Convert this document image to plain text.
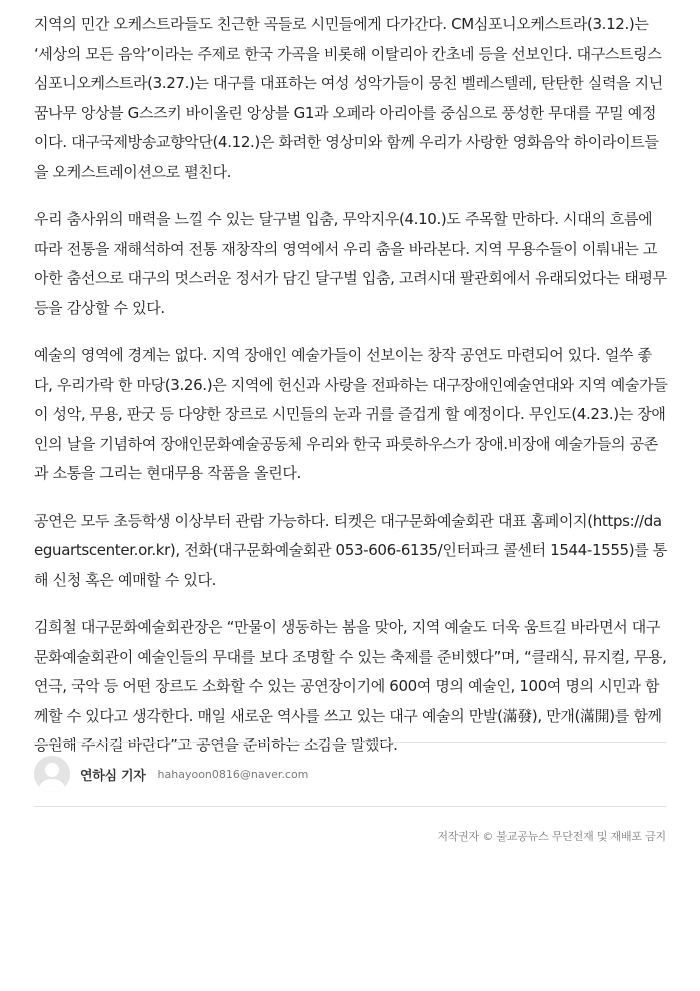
지역의 민간 오케스트라들도 친근한 곡들로 시민들에게 다가간다. CM심포니오케스트라(3.12.)는 ‘세상의 모든 음악’이라는 주제로 한국 가곡을 비롯해 이탈리아 칸초네 등을 선보인다. 대구스트링스심포니오케스트라(3.27.)는 대구를 대표하는 여성 성악가들이 뭉친 벨레스텔레, 탄탄한 실력을 지닌 꿈나무 앙상블 G스즈키 바이올린 앙상블 G1과 오페라 아리아를 중심으로 풍성한 무대를 꾸밀 예정이다. 대구국제방송교향악단(4.12.)은 화려한 영상미와 함께 우리가 사랑한 영화음악 하이라이트들을 오케스트레이션으로 펼친다.

우리 춤사위의 매력을 느낄 수 있는 달구벌 입춤, 무악지우(4.10.)도 주목할 만하다. 시대의 흐름에 따라 전통을 재해석하여 전통 재창작의 영역에서 우리 춤을 바라본다. 지역 무용수들이 이뤄내는 고아한 춤선으로 대구의 멋스러운 정서가 담긴 달구벌 입춤, 고려시대 팔관회에서 유래되었다는 태평무 등을 감상할 수 있다.

예술의 영역에 경계는 없다. 지역 장애인 예술가들이 선보이는 창작 공연도 마련되어 있다. 얼쑤 좋다, 우리가락 한 마당(3.26.)은 지역에 헌신과 사랑을 전파하는 대구장애인예술연대와 지역 예술가들이 성악, 무용, 판굿 등 다양한 장르로 시민들의 눈과 귀를 즐겁게 할 예정이다. 무인도(4.23.)는 장애인의 날을 기념하여 장애인문화예술공동체 우리와 한국 파릇하우스가 장애.비장애 예술가들의 공존과 소통을 그리는 현대무용 작품을 올린다.

공연은 모두 초등학생 이상부터 관람 가능하다. 티켓은 대구문화예술회관 대표 홈페이지(https://daeguartscenter.or.kr), 전화(대구문화예술회관 053-606-6135/인터파크 콜센터 1544-1555)를 통해 신청 혹은 예매할 수 있다.

김희철 대구문화예술회관장은 “만물이 생동하는 봄을 맞아, 지역 예술도 더욱 움트길 바라면서 대구문화예술회관이 예술인들의 무대를 보다 조명할 수 있는 축제를 준비했다”며, “클래식, 뮤지컬, 무용, 연극, 국악 등 어떤 장르도 소화할 수 있는 공연장이기에 600여 명의 예술인, 100여 명의 시민과 함께할 수 있다고 생각한다. 매일 새로운 역사를 쓰고 있는 대구 예술의 만발(滿發), 만개(滿開)를 함께 응원해 주시길 바란다”고 공연을 준비하는 소감을 말했다.

연하심 기자 hahayoon0816@naver.com
저작권자 © 불교공뉴스 무단전재 및 재배포 금지
